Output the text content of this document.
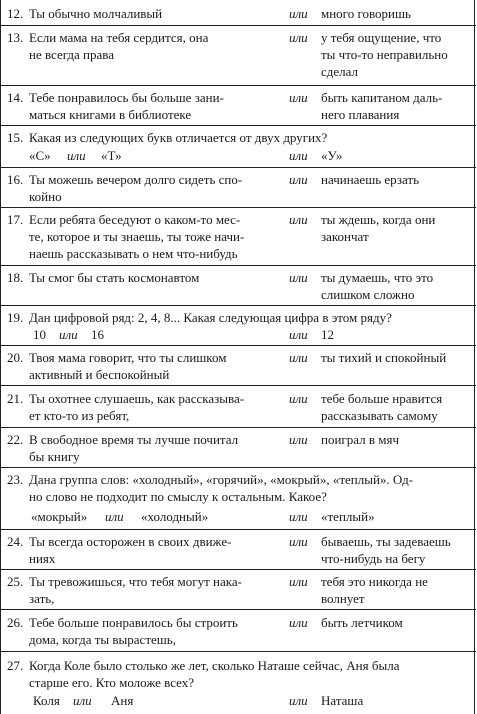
12. Ты обычно молчаливый	или много говоришь
13. Если мама на тебя сердится, она
не всегда права
или у тебя ощущение, что
ты что-то неправильно
сделал
14. Тебе понравилось бы больше зани-
маться книгами в библиотеке
или быть капитаном даль-
него плавания
15. Какая из следующих букв отличается от двух других?
«С» или «Т»	или «У»
16. Ты можешь вечером долго сидеть спо-
койно
или начинаешь ерзать
17. Если ребята беседуют о каком-то мес-
те, которое и ты знаешь, ты тоже начи-
наешь рассказывать о нем что-нибудь
или ты ждешь, когда они
закончат
18. Ты смог бы стать космонавтом	или ты думаешь, что это
слишком сложно
19. Дан цифровой ряд: 2, 4, 8... Какая следующая цифра в этом ряду?
10 или 16	или 12
20. Твоя мама говорит, что ты слишком
активный и беспокойный
или ты тихий и спокойный
21. Ты охотнее слушаешь, как рассказыва-
ет кто-то из ребят,
или тебе больше нравится
рассказывать самому
22. В свободное время ты лучше почитал
бы книгу
или поиграл в мяч
23. Дана группа слов: «холодный», «горячий», «мокрый», «теплый». Од-
но слово не подходит по смыслу к остальным. Какое?
«мокрый» или «холодный»	или «теплый»
24. Ты всегда осторожен в своих движе-
ниях
или бываешь, ты задеваешь
что-нибудь на бегу
25. Ты тревожишься, что тебя могут нака-
зать,
или тебя это никогда не
волнует
26. Тебе больше понравилось бы строить
дома, когда ты вырастешь,
или быть летчиком
27. Когда Коле было столько же лет, сколько Наташе сейчас, Аня была
старше его. Кто моложе всех?
Коля или Аня	или Наташа
